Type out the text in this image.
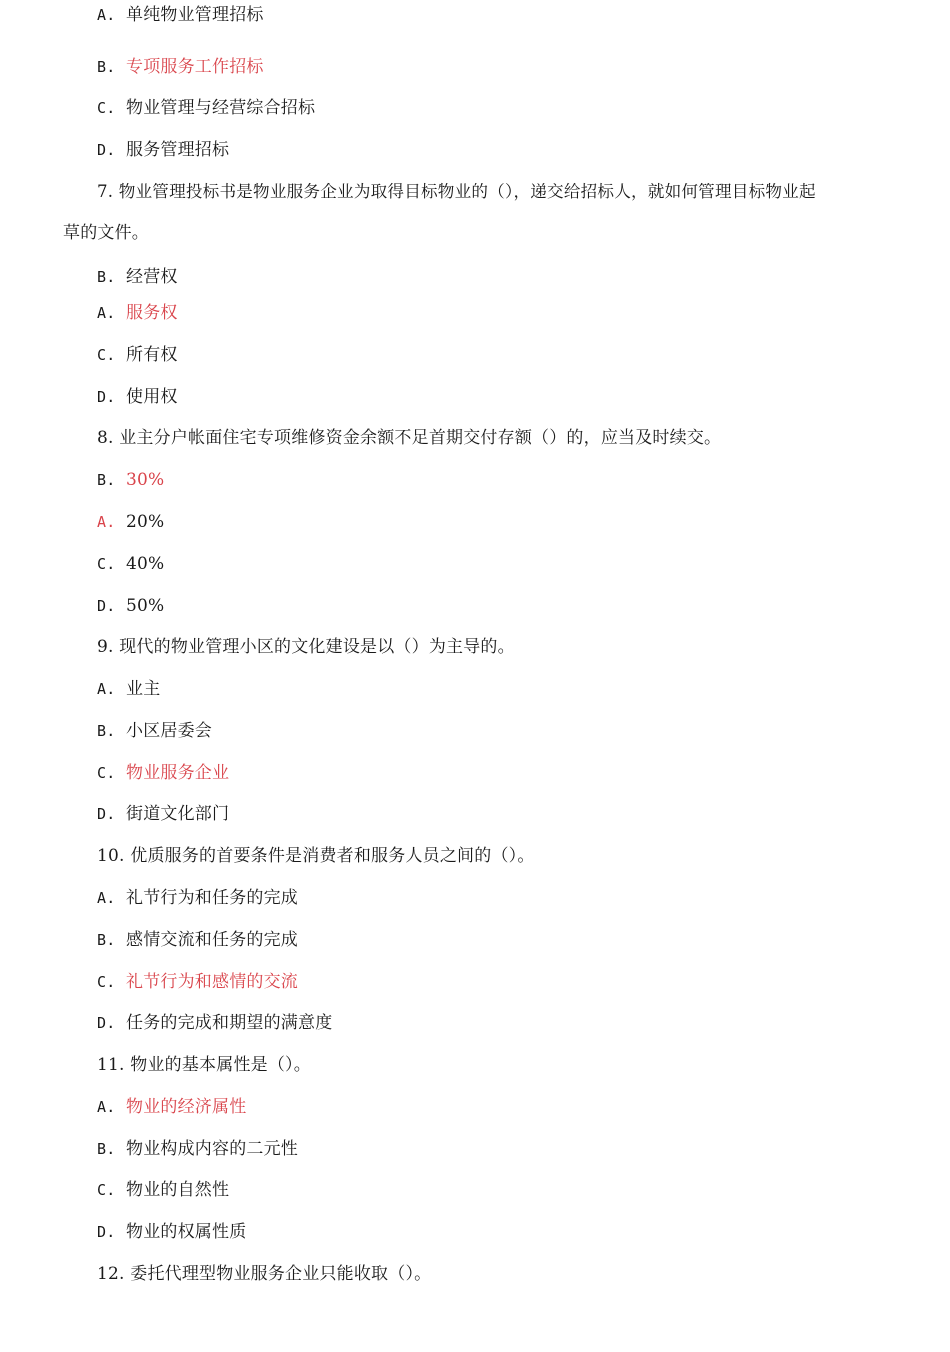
A. 单纯物业管理招标
B. 专项服务工作招标
C. 物业管理与经营综合招标
D. 服务管理招标
7. 物业管理投标书是物业服务企业为取得目标物业的（），递交给招标人，就如何管理目标物业起
草的文件。
B. 经营权
A. 服务权
C. 所有权
D. 使用权
8. 业主分户帐面住宅专项维修资金余额不足首期交付存额（）的，应当及时续交。
B. 30%
A. 20%
C. 40%
D. 50%
9. 现代的物业管理小区的文化建设是以（）为主导的。
A. 业主
B. 小区居委会
C. 物业服务企业
D. 街道文化部门
10. 优质服务的首要条件是消费者和服务人员之间的（）。
A. 礼节行为和任务的完成
B. 感情交流和任务的完成
C. 礼节行为和感情的交流
D. 任务的完成和期望的满意度
11. 物业的基本属性是（）。
A. 物业的经济属性
B. 物业构成内容的二元性
C. 物业的自然性
D. 物业的权属性质
12. 委托代理型物业服务企业只能收取（）。
